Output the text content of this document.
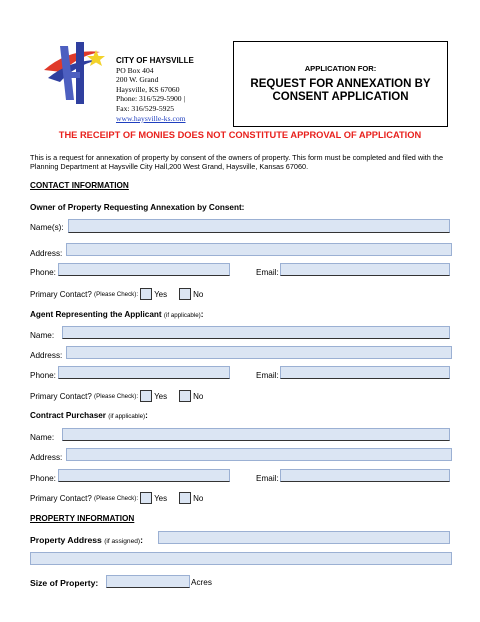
CITY OF HAYSVILLE
PO Box 404
200 W. Grand
Haysville, KS 67060
Phone: 316/529-5900 |
Fax: 316/529-5925
www.haysville-ks.com
APPLICATION FOR:
REQUEST FOR ANNEXATION BY
CONSENT APPLICATION
THE RECEIPT OF MONIES DOES NOT CONSTITUTE APPROVAL OF APPLICATION
This is a request for annexation of property by consent of the owners of property. This form must be completed and filed with the Planning Department at Haysville City Hall,200 West Grand, Haysville, Kansas 67060.
CONTACT INFORMATION
Owner of Property Requesting Annexation by Consent:
Name(s):
Address:
Phone:	Email:
Primary Contact?
(Please Check): Yes	No
Agent Representing the Applicant (if applicable):
Name:
Address:
Phone:	Email:
Primary Contact?
(Please Check): Yes	No
Contract Purchaser (if applicable):
Name:
Address:
Phone:	Email:
Primary Contact?
(Please Check): Yes	No
PROPERTY INFORMATION
Property Address (if assigned):
Size of Property:	Acres
